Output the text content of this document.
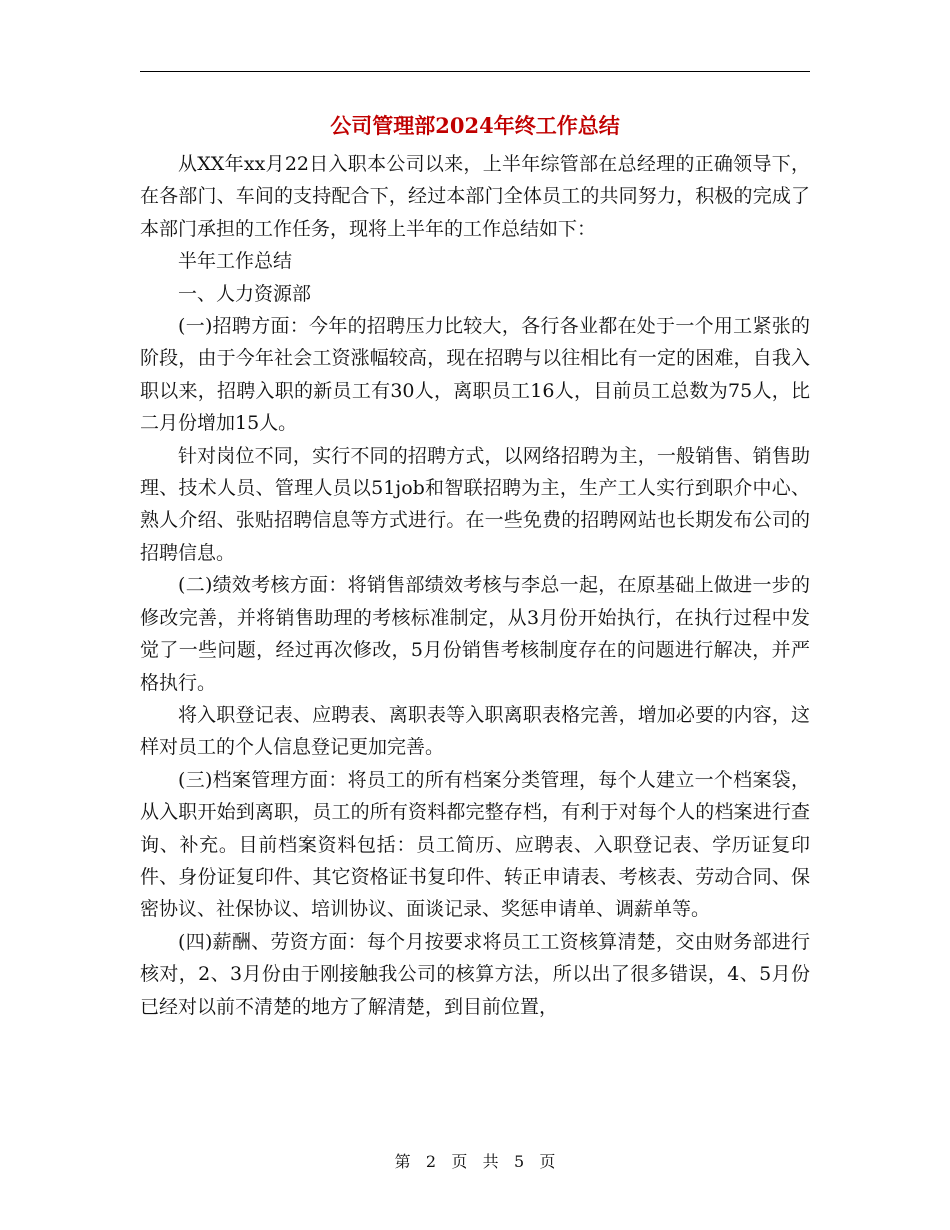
公司管理部2024年终工作总结

从XX年xx月22日入职本公司以来，上半年综管部在总经理的正确领导下，在各部门、车间的支持配合下，经过本部门全体员工的共同努力，积极的完成了本部门承担的工作任务，现将上半年的工作总结如下：

半年工作总结

一、人力资源部

(一)招聘方面：今年的招聘压力比较大，各行各业都在处于一个用工紧张的阶段，由于今年社会工资涨幅较高，现在招聘与以往相比有一定的困难，自我入职以来，招聘入职的新员工有30人，离职员工16人，目前员工总数为75人，比二月份增加15人。

针对岗位不同，实行不同的招聘方式，以网络招聘为主，一般销售、销售助理、技术人员、管理人员以51job和智联招聘为主，生产工人实行到职介中心、熟人介绍、张贴招聘信息等方式进行。在一些免费的招聘网站也长期发布公司的招聘信息。

(二)绩效考核方面：将销售部绩效考核与李总一起，在原基础上做进一步的修改完善，并将销售助理的考核标准制定，从3月份开始执行，在执行过程中发觉了一些问题，经过再次修改，5月份销售考核制度存在的问题进行解决，并严格执行。

将入职登记表、应聘表、离职表等入职离职表格完善，增加必要的内容，这样对员工的个人信息登记更加完善。

(三)档案管理方面：将员工的所有档案分类管理，每个人建立一个档案袋，从入职开始到离职，员工的所有资料都完整存档，有利于对每个人的档案进行查询、补充。目前档案资料包括：员工简历、应聘表、入职登记表、学历证复印件、身份证复印件、其它资格证书复印件、转正申请表、考核表、劳动合同、保密协议、社保协议、培训协议、面谈记录、奖惩申请单、调薪单等。

(四)薪酬、劳资方面：每个月按要求将员工工资核算清楚，交由财务部进行核对，2、3月份由于刚接触我公司的核算方法，所以出了很多错误，4、5月份已经对以前不清楚的地方了解清楚，到目前位置，

第 2 页 共 5 页
